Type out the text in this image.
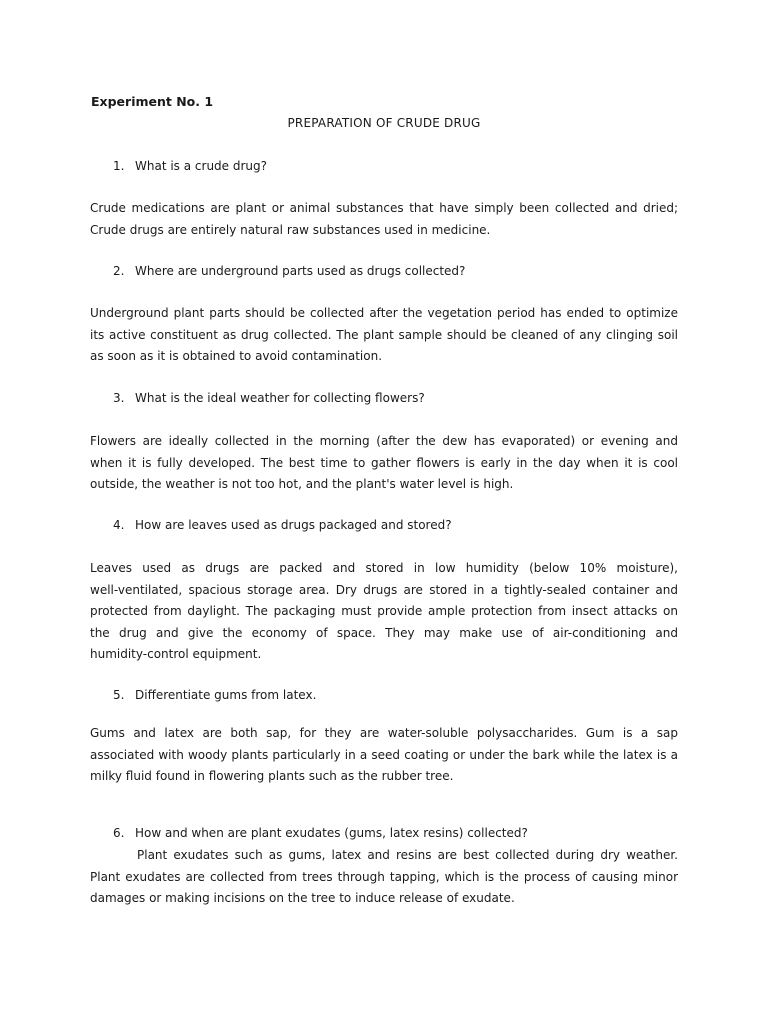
Experiment No. 1
PREPARATION OF CRUDE DRUG
1. What is a crude drug?
Crude medications are plant or animal substances that have simply been collected and dried;
Crude drugs are entirely natural raw substances used in medicine.
2. Where are underground parts used as drugs collected?
Underground plant parts should be collected after the vegetation period has ended to optimize
its active constituent as drug collected. The plant sample should be cleaned of any clinging soil
as soon as it is obtained to avoid contamination.
3. What is the ideal weather for collecting flowers?
Flowers are ideally collected in the morning (after the dew has evaporated) or evening and
when it is fully developed. The best time to gather flowers is early in the day when it is cool
outside, the weather is not too hot, and the plant's water level is high.
4. How are leaves used as drugs packaged and stored?
Leaves used as drugs are packed and stored in low humidity (below 10% moisture),
well-ventilated, spacious storage area. Dry drugs are stored in a tightly-sealed container and
protected from daylight. The packaging must provide ample protection from insect attacks on
the drug and give the economy of space. They may make use of air-conditioning and
humidity-control equipment.
5. Differentiate gums from latex.
Gums and latex are both sap, for they are water-soluble polysaccharides. Gum is a sap
associated with woody plants particularly in a seed coating or under the bark while the latex is a
milky fluid found in flowering plants such as the rubber tree.
6. How and when are plant exudates (gums, latex resins) collected?
Plant exudates such as gums, latex and resins are best collected during dry weather.
Plant exudates are collected from trees through tapping, which is the process of causing minor
damages or making incisions on the tree to induce release of exudate.
